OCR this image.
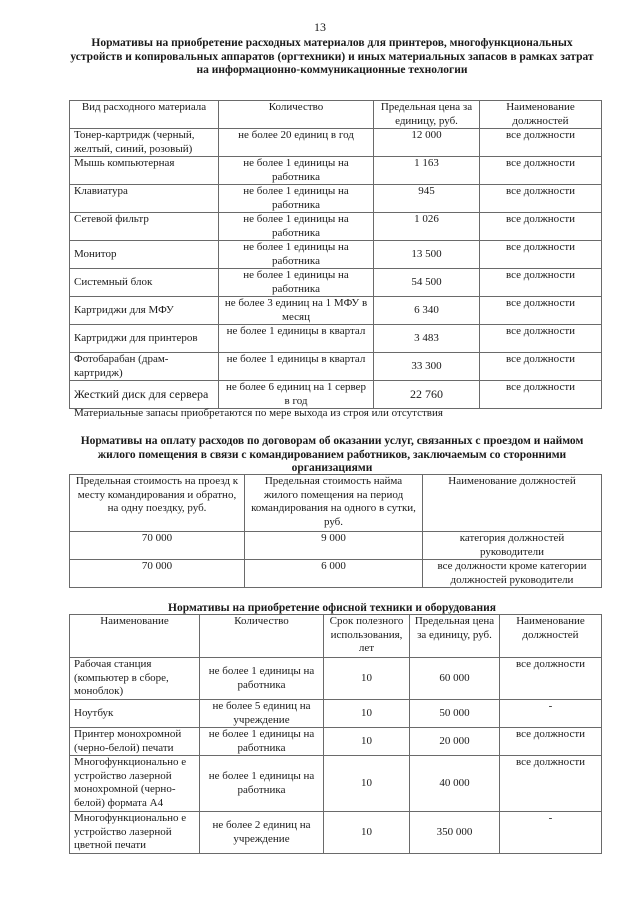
13
Нормативы на приобретение расходных материалов для принтеров, многофункциональных
устройств и копировальных аппаратов (оргтехники) и иных материальных запасов в рамках затрат
на информационно-коммуникационные технологии
Вид расходного материала	Количество	Предельная цена за единицу, руб.	Наименование должностей
Тонер-картридж (черный, желтый, синий, розовый)	не более 20 единиц в год	12 000	все должности
Мышь компьютерная	не более 1 единицы на работника	1 163	все должности
Клавиатура	не более 1 единицы на работника	945	все должности
Сетевой фильтр	не более 1 единицы на работника	1 026	все должности
Монитор	не более 1 единицы на работника	13 500	все должности
Системный блок	не более 1 единицы на работника	54 500	все должности
Картриджи для МФУ	не более 3 единиц на 1 МФУ в месяц	6 340	все должности
Картриджи для принтеров	не более 1 единицы в квартал	3 483	все должности
Фотобарабан (драм-картридж)	не более 1 единицы в квартал	33 300	все должности
Жесткий диск для сервера	не более 6 единиц на 1 сервер в год	22 760	все должности
Материальные запасы приобретаются по мере выхода из строя или отсутствия
Нормативы на оплату расходов по договорам об оказании услуг, связанных с проездом и наймом
жилого помещения в связи с командированием работников, заключаемым со сторонними
организациями
Предельная стоимость на проезд к месту командирования и обратно, на одну поездку, руб.	Предельная стоимость найма жилого помещения на период командирования на одного в сутки, руб.	Наименование должностей
70 000	9 000	категория должностей руководители
70 000	6 000	все должности кроме категории должностей руководители
Нормативы на приобретение офисной техники и оборудования
Наименование	Количество	Срок полезного использования, лет	Предельная цена за единицу, руб.	Наименование должностей
Рабочая станция (компьютер в сборе, моноблок)	не более 1 единицы на работника	10	60 000	все должности
Ноутбук	не более 5 единиц на учреждение	10	50 000	-
Принтер монохромной (черно-белой) печати	не более 1 единицы на работника	10	20 000	все должности
Многофункционально е устройство лазерной монохромной (черно-белой) формата А4	не более 1 единицы на работника	10	40 000	все должности
Многофункционально е устройство лазерной цветной печати	не более 2 единиц на учреждение	10	350 000	-
